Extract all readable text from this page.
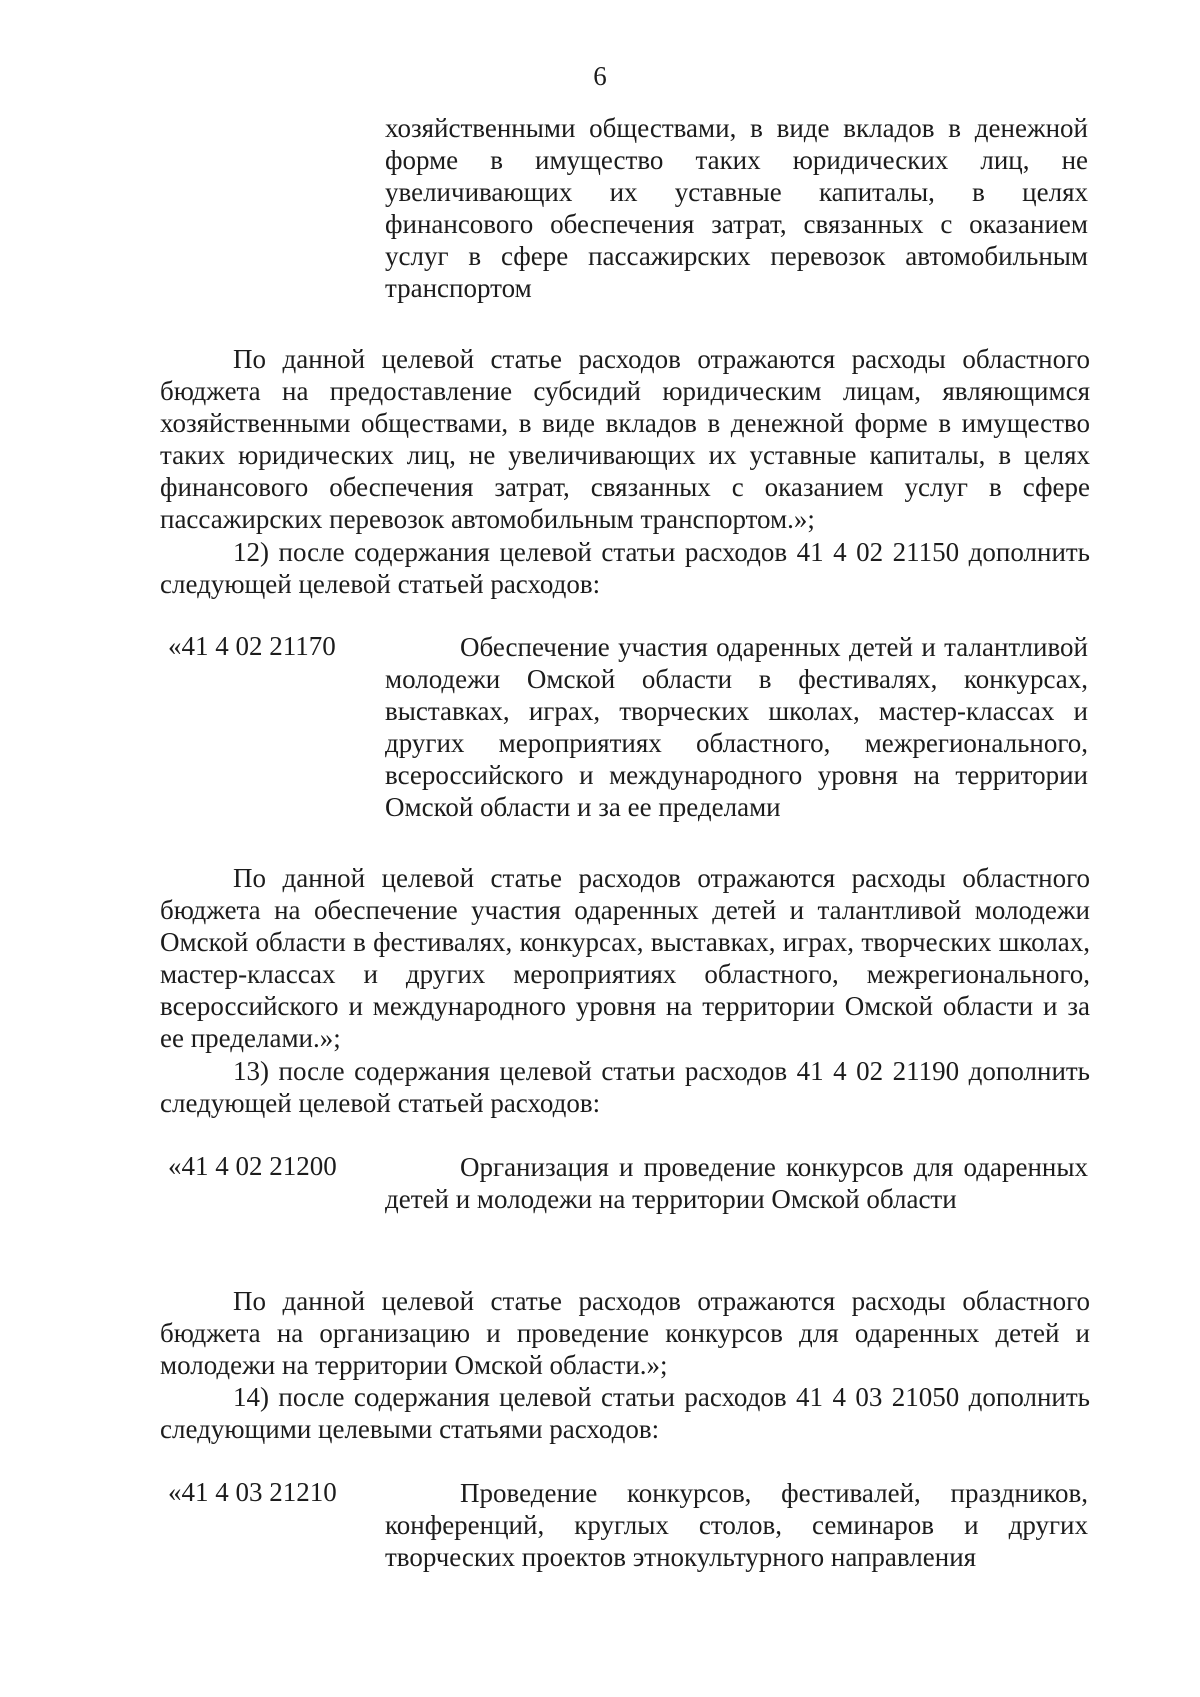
6

хозяйственными обществами, в виде вкладов в денежной форме в имущество таких юридических лиц, не увеличивающих их уставные капиталы, в целях финансового обеспечения затрат, связанных с оказанием услуг в сфере пассажирских перевозок автомобильным транспортом

По данной целевой статье расходов отражаются расходы областного бюджета на предоставление субсидий юридическим лицам, являющимся хозяйственными обществами, в виде вкладов в денежной форме в имущество таких юридических лиц, не увеличивающих их уставные капиталы, в целях финансового обеспечения затрат, связанных с оказанием услуг в сфере пассажирских перевозок автомобильным транспортом.»;

12) после содержания целевой статьи расходов 41 4 02 21150 дополнить следующей целевой статьей расходов:

«41 4 02 21170	Обеспечение участия одаренных детей и талантливой молодежи Омской области в фестивалях, конкурсах, выставках, играх, творческих школах, мастер-классах и других мероприятиях областного, межрегионального, всероссийского и международного уровня на территории Омской области и за ее пределами

По данной целевой статье расходов отражаются расходы областного бюджета на обеспечение участия одаренных детей и талантливой молодежи Омской области в фестивалях, конкурсах, выставках, играх, творческих школах, мастер-классах и других мероприятиях областного, межрегионального, всероссийского и международного уровня на территории Омской области и за ее пределами.»;

13) после содержания целевой статьи расходов 41 4 02 21190 дополнить следующей целевой статьей расходов:

«41 4 02 21200	Организация и проведение конкурсов для одаренных детей и молодежи на территории Омской области

По данной целевой статье расходов отражаются расходы областного бюджета на организацию и проведение конкурсов для одаренных детей и молодежи на территории Омской области.»;

14) после содержания целевой статьи расходов 41 4 03 21050 дополнить следующими целевыми статьями расходов:

«41 4 03 21210	Проведение конкурсов, фестивалей, праздников, конференций, круглых столов, семинаров и других творческих проектов этнокультурного направления
